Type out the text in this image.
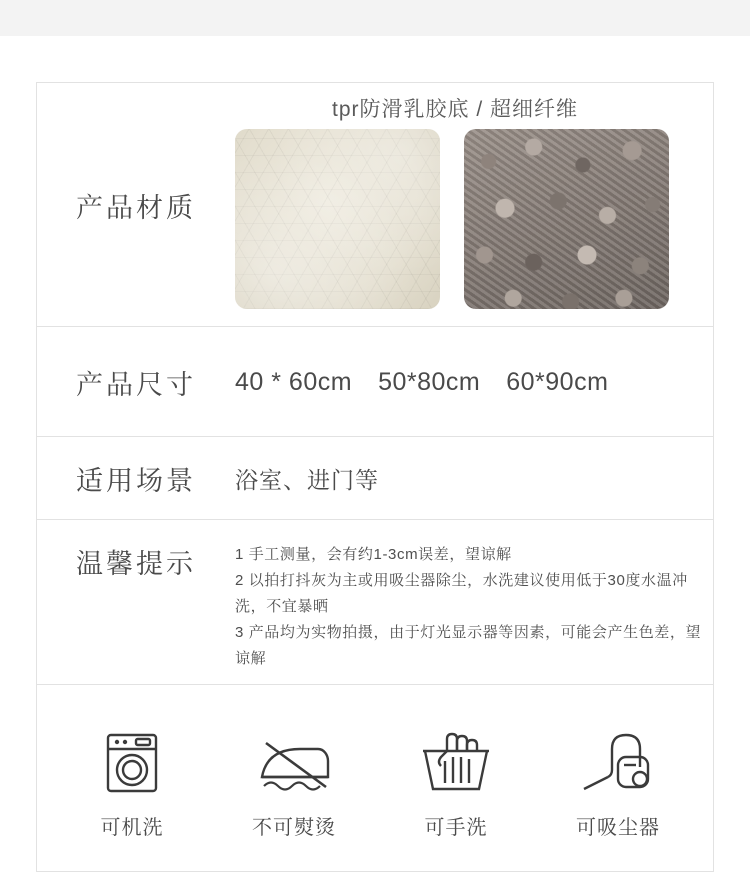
产品材质
tpr防滑乳胶底 / 超细纤维
产品尺寸 40 * 60cm 50*80cm 60*90cm
适用场景 浴室、进门等
温馨提示	1 手工测量，会有约1-3cm误差，望谅解
2 以拍打抖灰为主或用吸尘器除尘，水洗建议使用低于30度水温冲洗，不宜暴晒
3 产品均为实物拍摄，由于灯光显示器等因素，可能会产生色差，望谅解
可机洗	不可熨烫	可手洗	可吸尘器
